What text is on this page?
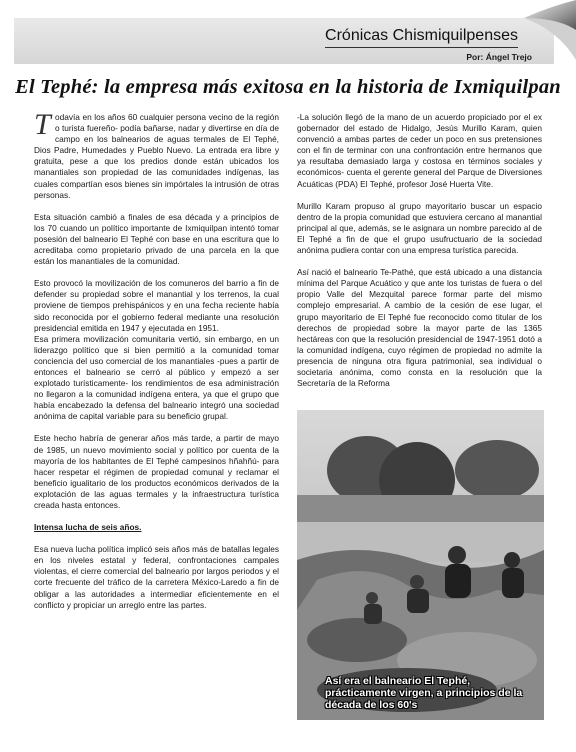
Crónicas Chismiquilpenses
Por: Ángel Trejo
El Tephé: la empresa más exitosa en la historia de Ixmiquilpan

Todavía en los años 60 cualquier persona vecino de la región o turista fuereño- podía bañarse, nadar y divertirse en día de campo en los balnearios de aguas termales de El Tephé, Dios Padre, Humedades y Pueblo Nuevo. La entrada era libre y gratuita, pese a que los predios donde están ubicados los manantiales son propiedad de las comunidades indígenas, las cuales compartían esos bienes sin impórtales la intrusión de otras personas.

Esta situación cambió a finales de esa década y a principios de los 70 cuando un político importante de Ixmiquilpan intentó tomar posesión del balneario El Tephé con base en una escritura que lo acreditaba como propietario privado de una parcela en la que están los manantiales de la comunidad.

Esto provocó la movilización de los comuneros del barrio a fin de defender su propiedad sobre el manantial y los terrenos, la cual proviene de tiempos prehispánicos y en una fecha reciente había sido reconocida por el gobierno federal mediante una resolución presidencial emitida en 1947 y ejecutada en 1951.

Esa primera movilización comunitaria vertió, sin embargo, en un liderazgo político que si bien permitió a la comunidad tomar conciencia del uso comercial de los manantiales -pues a partir de entonces el balneario se cerró al público y empezó a ser explotado turísticamente- los rendimientos de esa administración no llegaron a la comunidad indígena entera, ya que el grupo que había encabezado la defensa del balneario integró una sociedad anónima de capital variable para su beneficio grupal.

Este hecho habría de generar años más tarde, a partir de mayo de 1985, un nuevo movimiento social y político por cuenta de la mayoría de los habitantes de El Tephé campesinos hñahñú- para hacer respetar el régimen de propiedad comunal y reclamar el beneficio igualitario de los productos económicos derivados de la explotación de las aguas termales y la infraestructura turística creada hasta entonces.

Intensa lucha de seis años.

Esa nueva lucha política implicó seis años más de batallas legales en los niveles estatal y federal, confrontaciones campales violentas, el cierre comercial del balneario por largos periodos y el corte frecuente del tráfico de la carretera México-Laredo a fin de obligar a las autoridades a intermediar eficientemente en el conflicto y propiciar un arreglo entre las partes.

-La solución llegó de la mano de un acuerdo propiciado por el ex gobernador del estado de Hidalgo, Jesús Murillo Karam, quien convenció a ambas partes de ceder un poco en sus pretensiones con el fin de terminar con una confrontación entre hermanos que ya resultaba demasiado larga y costosa en términos sociales y económicos- cuenta el gerente general del Parque de Diversiones Acuáticas (PDA) El Tephé, profesor José Huerta Vite.

Murillo Karam propuso al grupo mayoritario buscar un espacio dentro de la propia comunidad que estuviera cercano al manantial principal al que, además, se le asignara un nombre parecido al de El Tephé a fin de que el grupo usufructuario de la sociedad anónima pudiera contar con una empresa turística parecida.

Así nació el balneario Te-Pathé, que está ubicado a una distancia mínima del Parque Acuático y que ante los turistas de fuera o del propio Valle del Mezquital parece formar parte del mismo complejo empresarial. A cambio de la cesión de ese lugar, el grupo mayoritario de El Tephé fue reconocido como titular de los derechos de propiedad sobre la mayor parte de las 1365 hectáreas con que la resolución presidencial de 1947-1951 dotó a la comunidad indígena, cuyo régimen de propiedad no admite la presencia de ninguna otra figura patrimonial, sea individual o societaria anónima, como consta en la resolución que la Secretaría de la Reforma

Así era el balneario El Tephé, prácticamente virgen, a principios de la década de los 60's
